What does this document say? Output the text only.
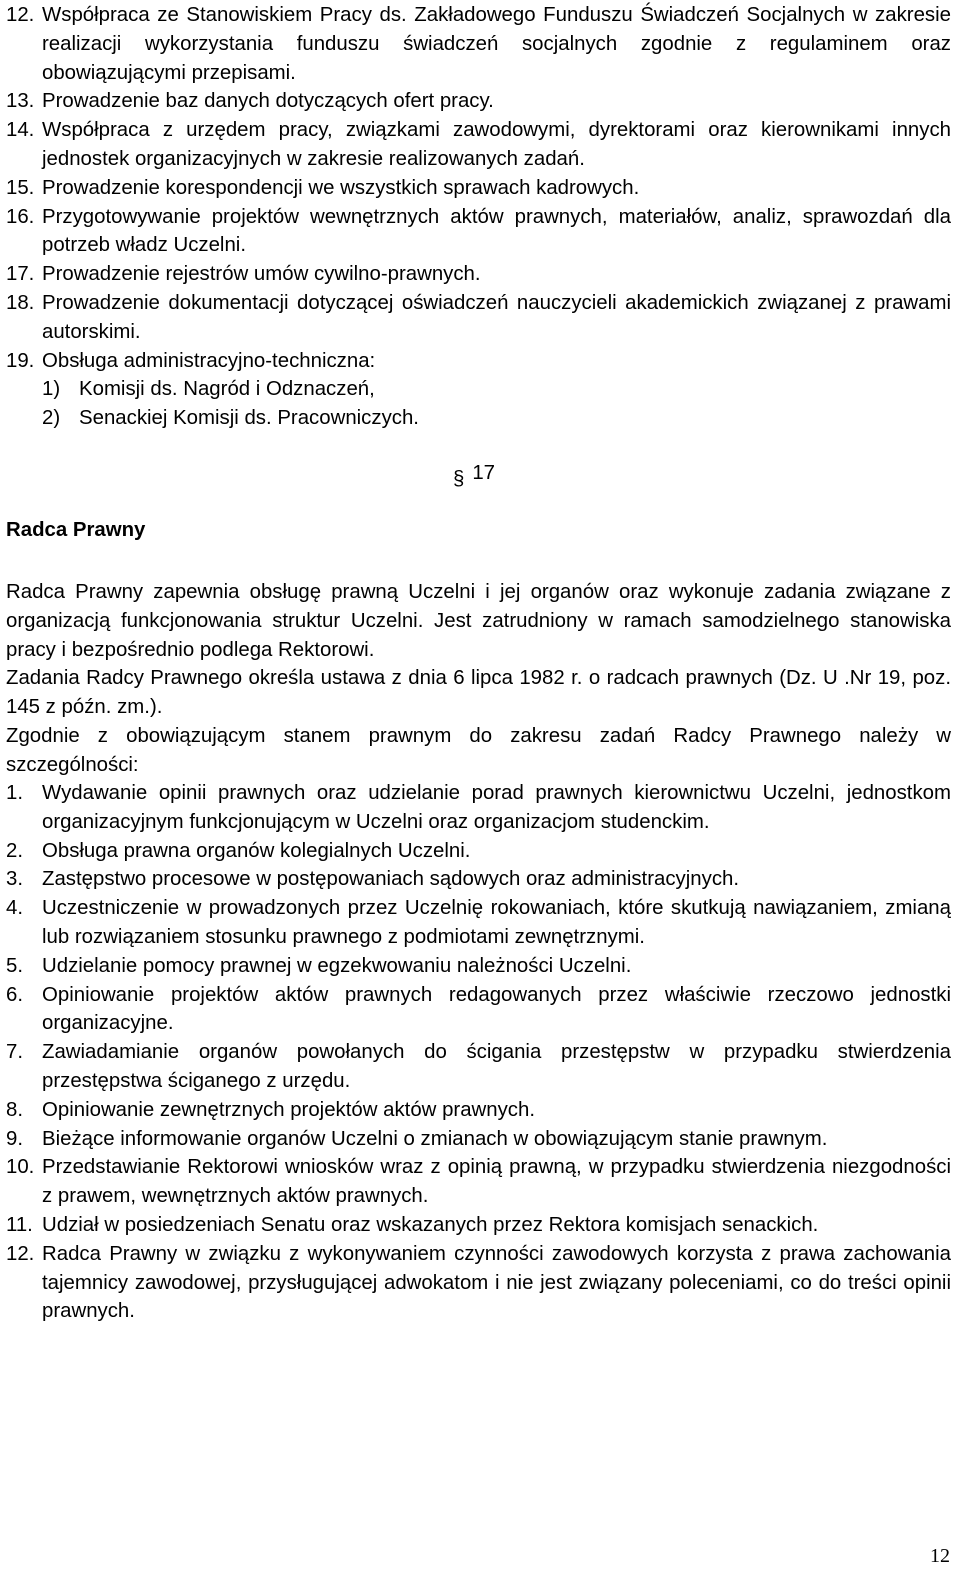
12. Współpraca ze Stanowiskiem Pracy ds. Zakładowego Funduszu Świadczeń Socjalnych w zakresie realizacji wykorzystania funduszu świadczeń socjalnych zgodnie z regulaminem oraz obowiązującymi przepisami.
13. Prowadzenie baz danych dotyczących ofert pracy.
14. Współpraca z urzędem pracy, związkami zawodowymi, dyrektorami oraz kierownikami innych jednostek organizacyjnych w zakresie realizowanych zadań.
15. Prowadzenie korespondencji we wszystkich sprawach kadrowych.
16. Przygotowywanie projektów wewnętrznych aktów prawnych, materiałów, analiz, sprawozdań dla potrzeb władz Uczelni.
17. Prowadzenie rejestrów umów cywilno-prawnych.
18. Prowadzenie dokumentacji dotyczącej oświadczeń nauczycieli akademickich związanej z prawami autorskimi.
19. Obsługa administracyjno-techniczna:
1) Komisji ds. Nagród i Odznaczeń,
2) Senackiej Komisji ds. Pracowniczych.
§ 17
Radca Prawny

Radca Prawny zapewnia obsługę prawną Uczelni i jej organów oraz wykonuje zadania związane z organizacją funkcjonowania struktur Uczelni. Jest zatrudniony w ramach samodzielnego stanowiska pracy i bezpośrednio podlega Rektorowi.

Zadania Radcy Prawnego określa ustawa z dnia 6 lipca 1982 r. o radcach prawnych (Dz. U .Nr 19, poz. 145 z późn. zm.).

Zgodnie z obowiązującym stanem prawnym do zakresu zadań Radcy Prawnego należy w szczególności:

1. Wydawanie opinii prawnych oraz udzielanie porad prawnych kierownictwu Uczelni, jednostkom organizacyjnym funkcjonującym w Uczelni oraz organizacjom studenckim.
2. Obsługa prawna organów kolegialnych Uczelni.
3. Zastępstwo procesowe w postępowaniach sądowych oraz administracyjnych.
4. Uczestniczenie w prowadzonych przez Uczelnię rokowaniach, które skutkują nawiązaniem, zmianą lub rozwiązaniem stosunku prawnego z podmiotami zewnętrznymi.
5. Udzielanie pomocy prawnej w egzekwowaniu należności Uczelni.
6. Opiniowanie projektów aktów prawnych redagowanych przez właściwie rzeczowo jednostki organizacyjne.
7. Zawiadamianie organów powołanych do ścigania przestępstw w przypadku stwierdzenia przestępstwa ściganego z urzędu.
8. Opiniowanie zewnętrznych projektów aktów prawnych.
9. Bieżące informowanie organów Uczelni o zmianach w obowiązującym stanie prawnym.
10. Przedstawianie Rektorowi wniosków wraz z opinią prawną, w przypadku stwierdzenia niezgodności z prawem, wewnętrznych aktów prawnych.
11. Udział w posiedzeniach Senatu oraz wskazanych przez Rektora komisjach senackich.
12. Radca Prawny w związku z wykonywaniem czynności zawodowych korzysta z prawa zachowania tajemnicy zawodowej, przysługującej adwokatom i nie jest związany poleceniami, co do treści opinii prawnych.
12
